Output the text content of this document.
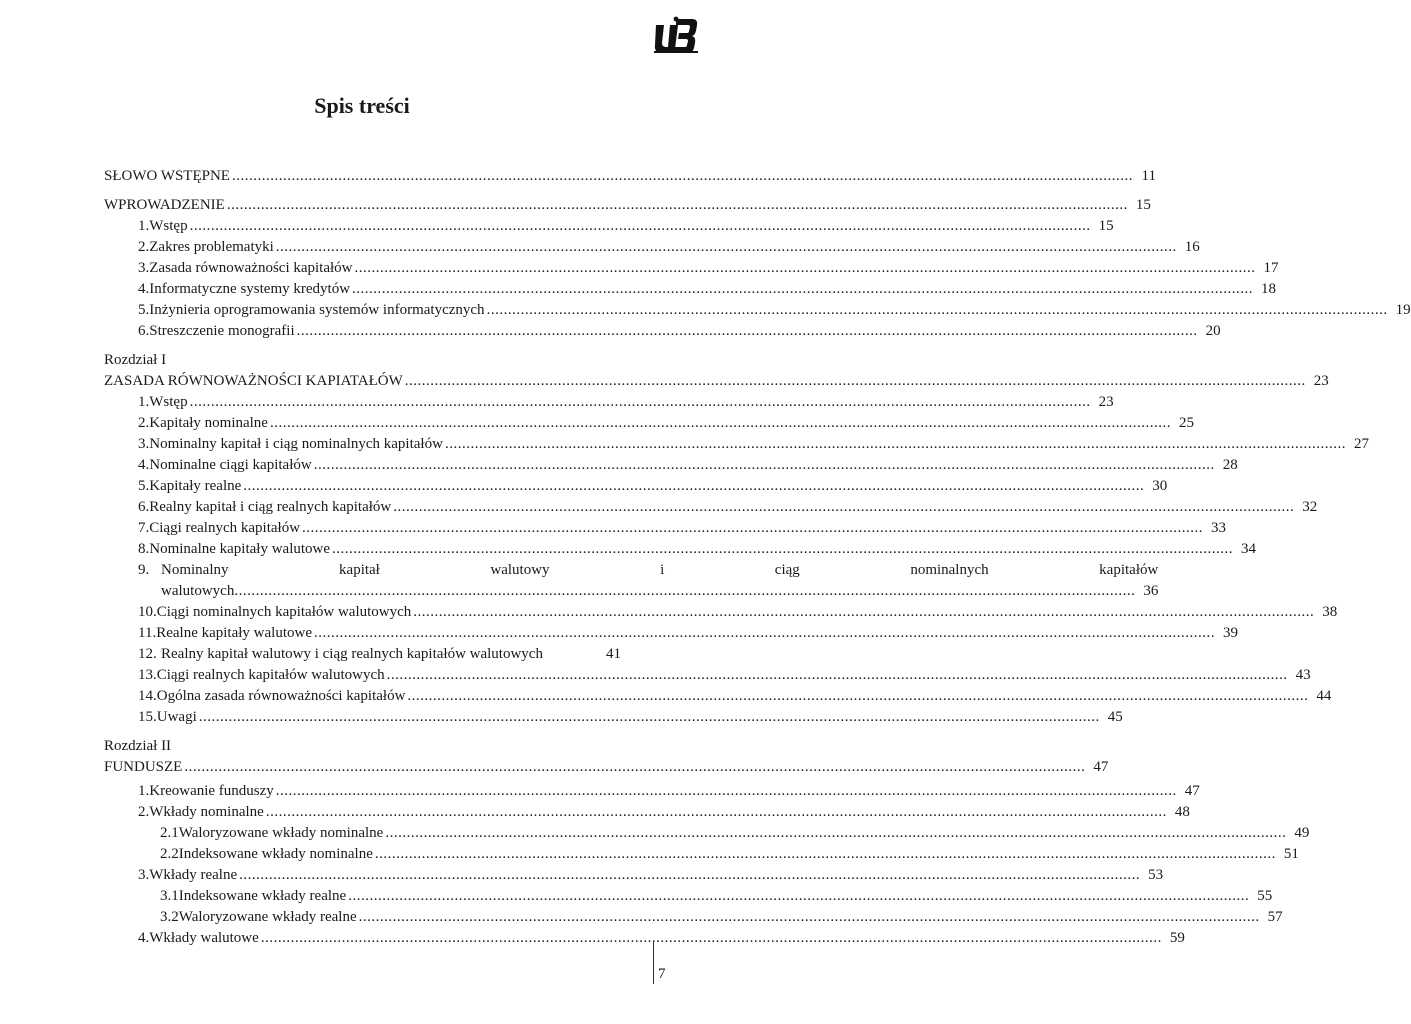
Spis treści
SŁOWO WSTĘPNE .....	11
WPROWADZENIE .....	15
1. Wstęp .....	15
2. Zakres problematyki .....	16
3. Zasada równoważności kapitałów .....	17
4. Informatyczne systemy kredytów .....	18
5. Inżynieria oprogramowania systemów informatycznych .....	19
6. Streszczenie monografii .....	20
Rozdział I
ZASADA RÓWNOWAŻNOŚCI KAPIATAŁÓW .....	23
1. Wstęp .....	23
2. Kapitały nominalne .....	25
3. Nominalny kapitał i ciąg nominalnych kapitałów .....	27
4. Nominalne ciągi kapitałów .....	28
5. Kapitały realne .....	30
6. Realny kapitał i ciąg realnych kapitałów .....	32
7. Ciągi realnych kapitałów .....	33
8. Nominalne kapitały walutowe .....	34
9. Nominalny kapitał walutowy i ciąg nominalnych kapitałów
walutowych .....	36
10. Ciągi nominalnych kapitałów walutowych .....	38
11. Realne kapitały walutowe .....	39
12. Realny kapitał walutowy i ciąg realnych kapitałów walutowych	41
13. Ciągi realnych kapitałów walutowych .....	43
14. Ogólna zasada równoważności kapitałów .....	44
15. Uwagi .....	45
Rozdział II
FUNDUSZE .....	47
1. Kreowanie funduszy .....	47
2. Wkłady nominalne .....	48
2.1 Waloryzowane wkłady nominalne .....	49
2.2 Indeksowane wkłady nominalne .....	51
3. Wkłady realne .....	53
3.1 Indeksowane wkłady realne .....	55
3.2 Waloryzowane wkłady realne .....	57
4. Wkłady walutowe .....	59
7
